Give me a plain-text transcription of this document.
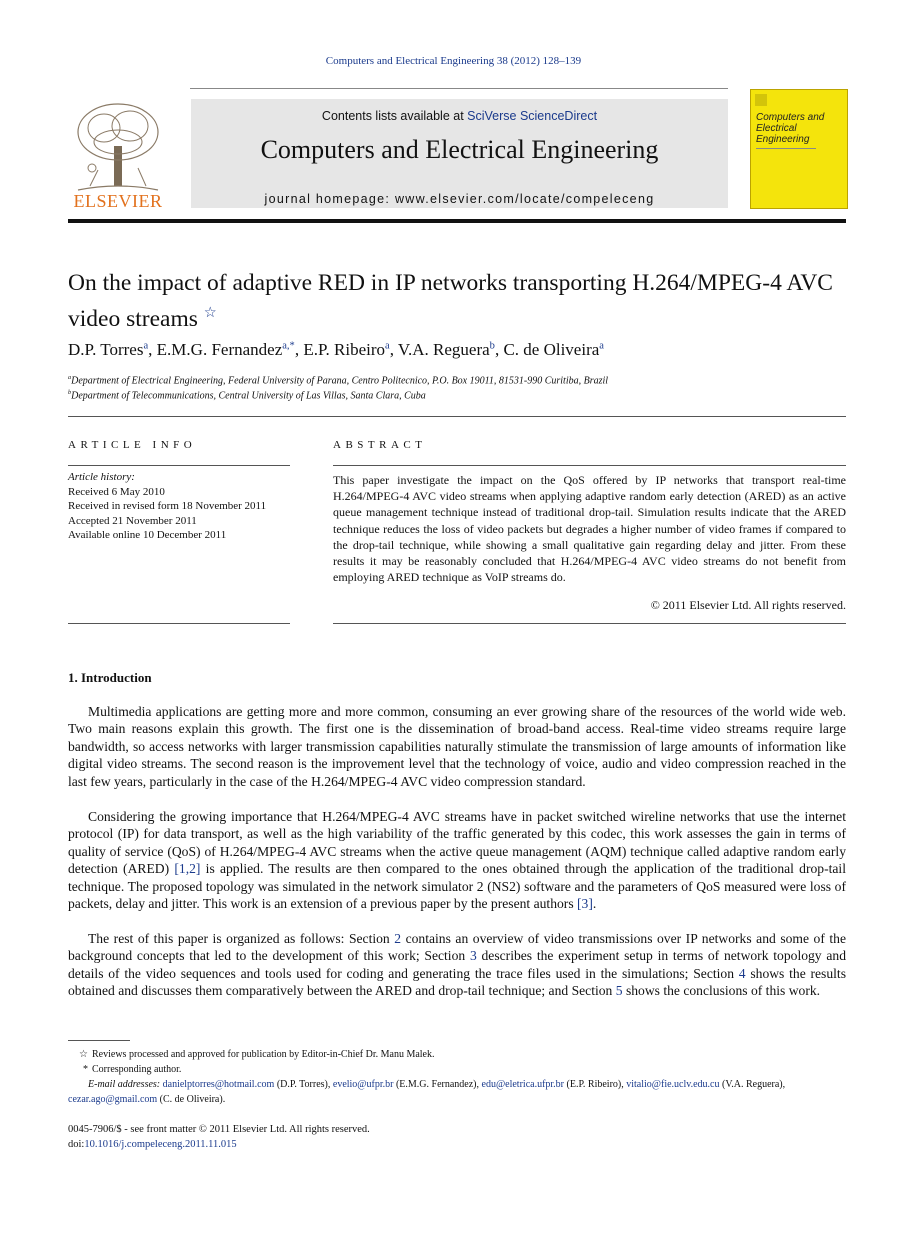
Computers and Electrical Engineering 38 (2012) 128–139
ELSEVIER
Contents lists available at SciVerse ScienceDirect
Computers and Electrical Engineering
journal homepage: www.elsevier.com/locate/compeleceng
Computers and Electrical Engineering
On the impact of adaptive RED in IP networks transporting H.264/MPEG-4 AVC video streams ☆
D.P. Torres$^a$, E.M.G. Fernandez$^{a,*}$, E.P. Ribeiro$^a$, V.A. Reguera$^b$, C. de Oliveira$^a$
$^a$Department of Electrical Engineering, Federal University of Parana, Centro Politecnico, P.O. Box 19011, 81531-990 Curitiba, Brazil
$^b$Department of Telecommunications, Central University of Las Villas, Santa Clara, Cuba
ARTICLE INFO	ABSTRACT
Article history:
Received 6 May 2010
Received in revised form 18 November 2011
Accepted 21 November 2011
Available online 10 December 2011
This paper investigate the impact on the QoS offered by IP networks that transport real-time H.264/MPEG-4 AVC video streams when applying adaptive random early detection (ARED) as an active queue management technique instead of traditional drop-tail. Simulation results indicate that the ARED technique reduces the loss of video packets but degrades a higher number of video frames if compared to the drop-tail technique, while showing a small qualitative gain regarding delay and jitter. From these results it may be reasonably concluded that H.264/MPEG-4 AVC video streams do not benefit from employing ARED technique as VoIP streams do.
© 2011 Elsevier Ltd. All rights reserved.
1. Introduction

Multimedia applications are getting more and more common, consuming an ever growing share of the resources of the world wide web. Two main reasons explain this growth. The first one is the dissemination of broad-band access. Real-time video streams require large bandwidth, so access networks with larger transmission capabilities naturally stimulate the transmission of large amounts of information like digital video streams. The second reason is the improvement level that the technology of voice, audio and video compression reached in the last few years, particularly in the case of the H.264/MPEG-4 AVC video compression standard.

Considering the growing importance that H.264/MPEG-4 AVC streams have in packet switched wireline networks that use the internet protocol (IP) for data transport, as well as the high variability of the traffic generated by this codec, this work assesses the gain in terms of quality of service (QoS) of H.264/MPEG-4 AVC streams when the active queue management (AQM) technique called adaptive random early detection (ARED) [1,2] is applied. The results are then compared to the ones obtained through the application of the traditional drop-tail technique. The proposed topology was simulated in the network simulator 2 (NS2) software and the parameters of QoS measured were loss of packets, delay and jitter. This work is an extension of a previous paper by the present authors [3].

The rest of this paper is organized as follows: Section 2 contains an overview of video transmissions over IP networks and some of the background concepts that led to the development of this work; Section 3 describes the experiment setup in terms of network topology and details of the video sequences and tools used for coding and generating the trace files used in the simulations; Section 4 shows the results obtained and discusses them comparatively between the ARED and drop-tail technique; and Section 5 shows the conclusions of this work.

☆ Reviews processed and approved for publication by Editor-in-Chief Dr. Manu Malek.
* Corresponding author.
E-mail addresses: danielptorres@hotmail.com (D.P. Torres), evelio@ufpr.br (E.M.G. Fernandez), edu@eletrica.ufpr.br (E.P. Ribeiro), vitalio@fie.uclv.edu.cu (V.A. Reguera), cezar.ago@gmail.com (C. de Oliveira).
0045-7906/$ - see front matter © 2011 Elsevier Ltd. All rights reserved.
doi:10.1016/j.compeleceng.2011.11.015
